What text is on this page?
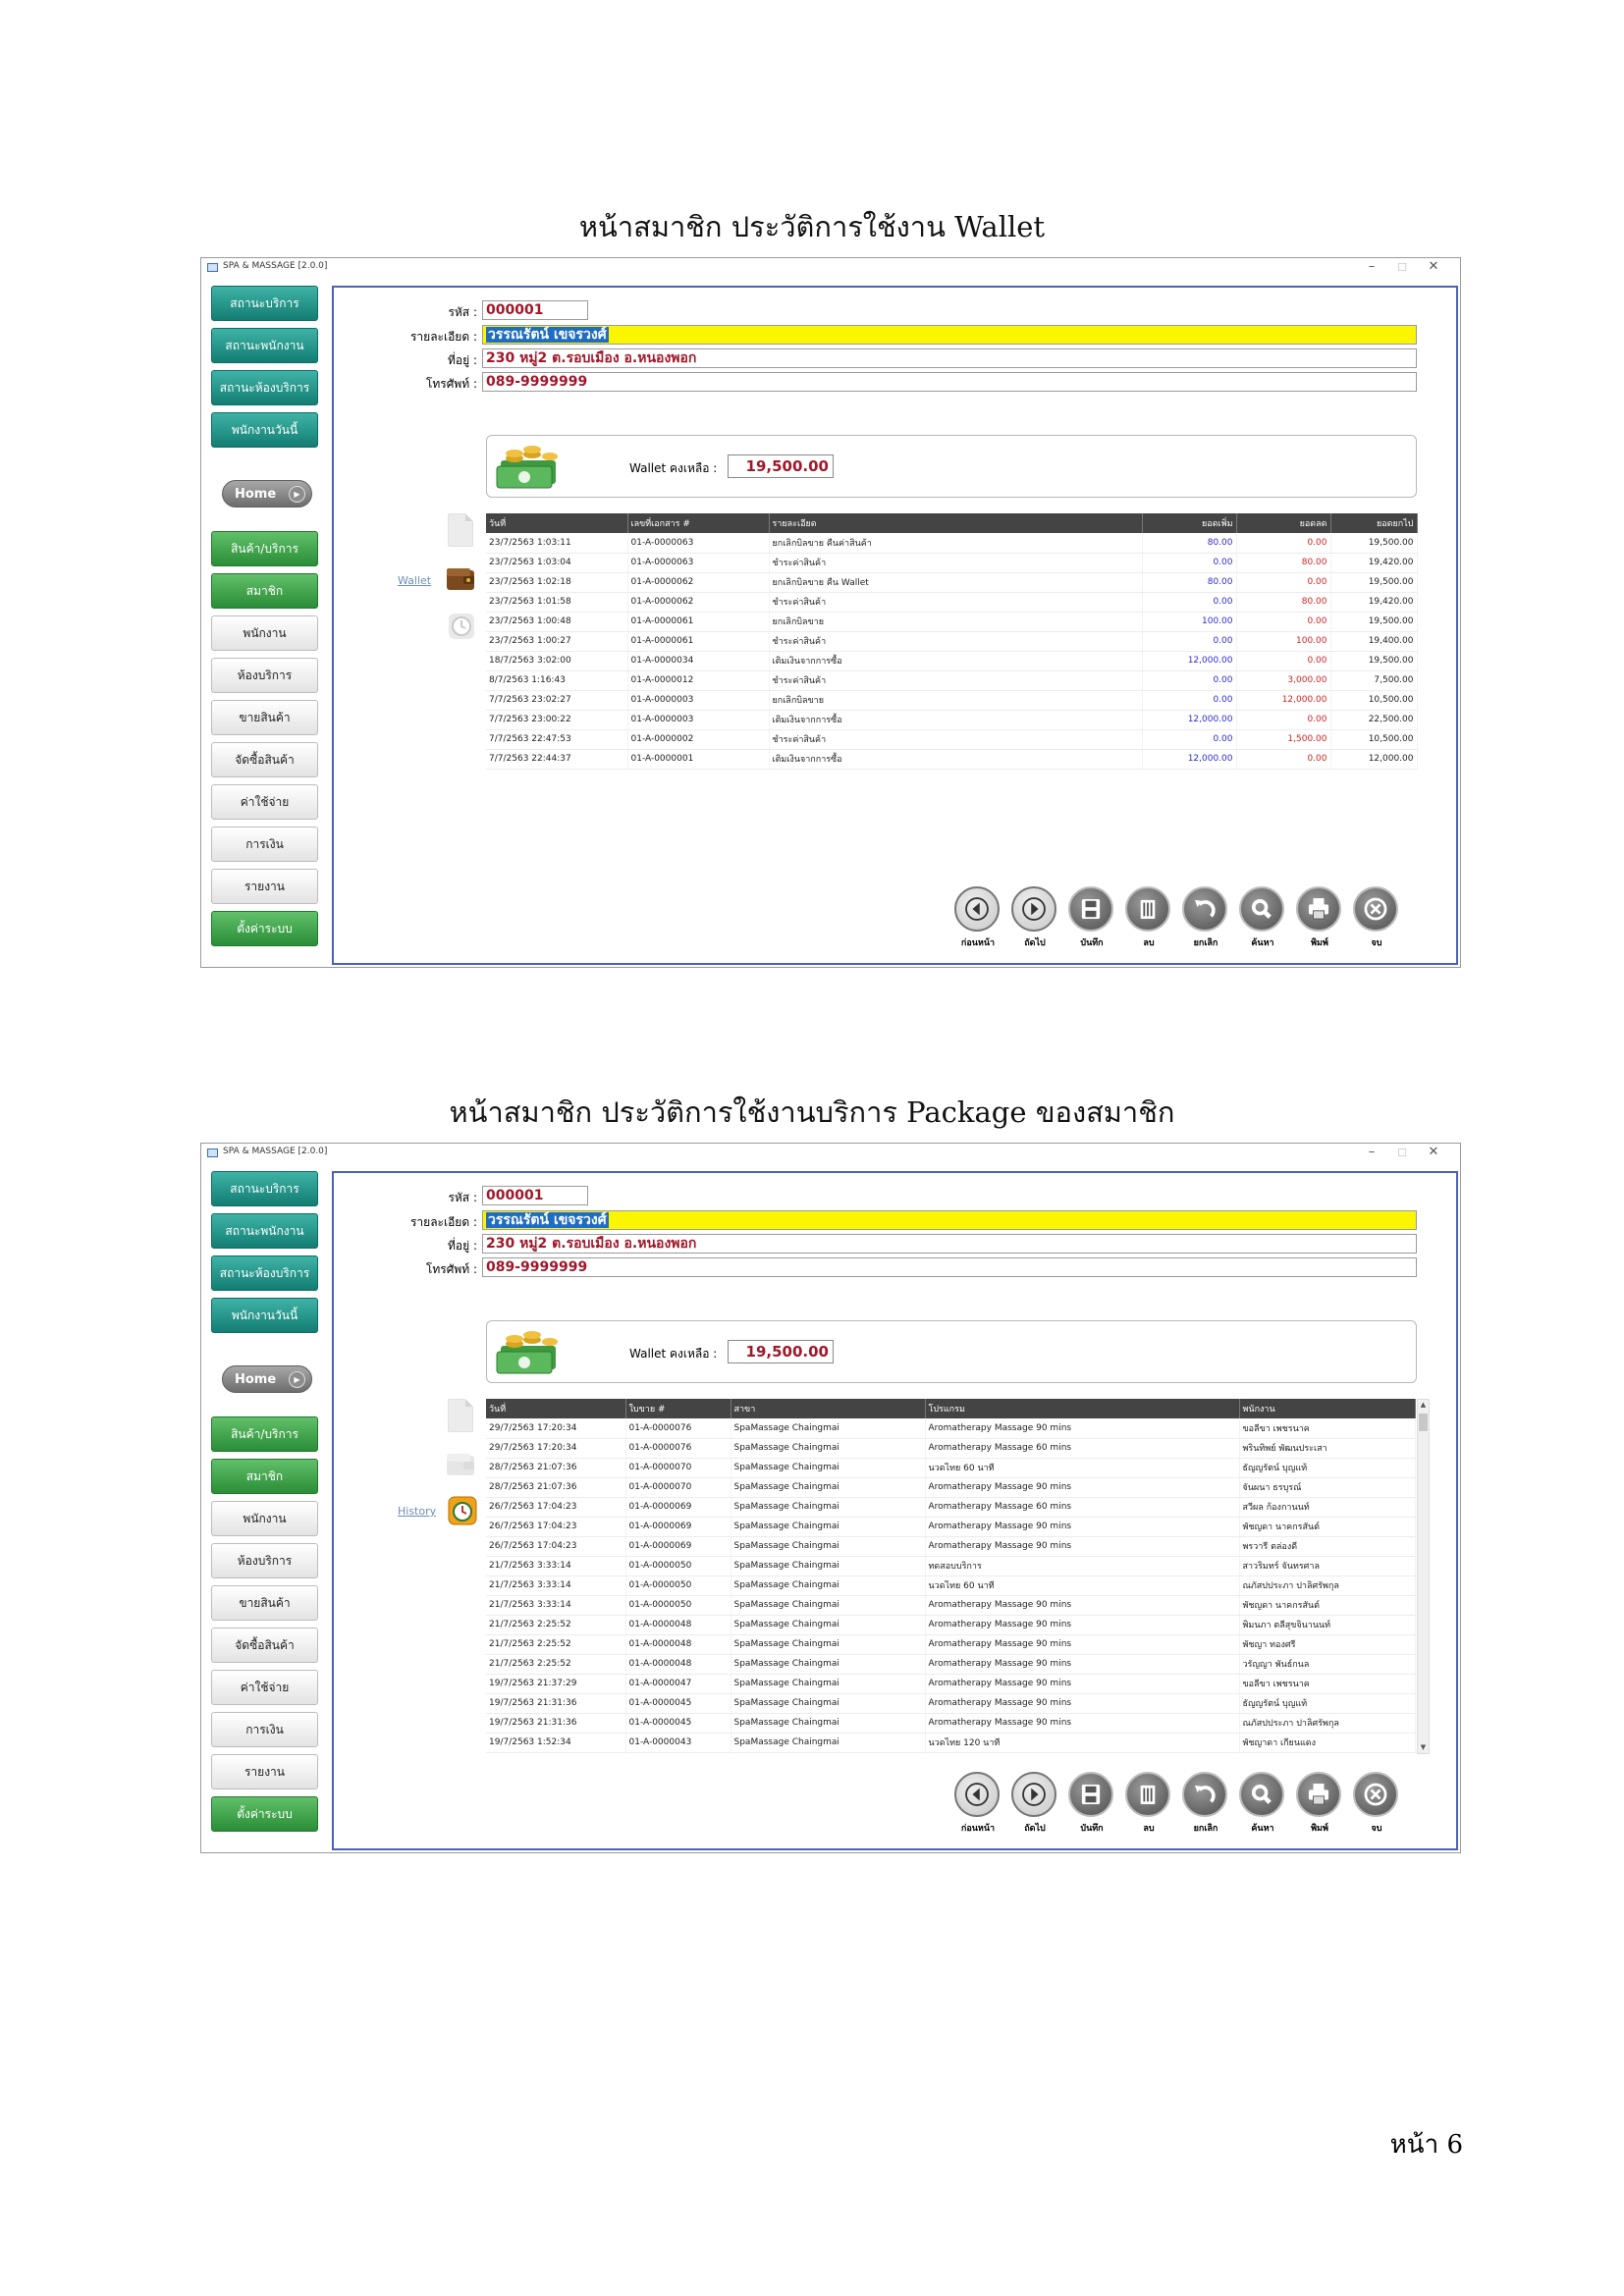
หน้าสมาชิก ประวัติการใช้งาน Wallet
หน้าสมาชิก ประวัติการใช้งานบริการ Package ของสมาชิก
หน้า 6
SPA & MASSAGE [2.0.0]	–	☐	✕
สถานะบริการ
สถานะพนักงาน
สถานะห้องบริการ
พนักงานวันนี้
Home	▶
สินค้า/บริการ
สมาชิก
พนักงาน
ห้องบริการ
ขายสินค้า
จัดซื้อสินค้า
ค่าใช้จ่าย
การเงิน
รายงาน
ตั้งค่าระบบ
รหัส : 000001
รายละเอียด : วรรณรัตน์ เขจรวงศ์
ที่อยู่ : 230 หมู่2 ต.รอบเมือง อ.หนองพอก
โทรศัพท์ : 089-9999999
Wallet คงเหลือ :	19,500.00
Wallet
วันที่	เลขที่เอกสาร #	รายละเอียด	ยอดเพิ่ม	ยอดลด	ยอดยกไป
23/7/2563 1:03:11	01-A-0000063	ยกเลิกบิลขาย คืนค่าสินค้า	80.00	0.00	19,500.00
23/7/2563 1:03:04	01-A-0000063	ชำระค่าสินค้า	0.00	80.00	19,420.00
23/7/2563 1:02:18	01-A-0000062	ยกเลิกบิลขาย คืน Wallet	80.00	0.00	19,500.00
23/7/2563 1:01:58	01-A-0000062	ชำระค่าสินค้า	0.00	80.00	19,420.00
23/7/2563 1:00:48	01-A-0000061	ยกเลิกบิลขาย	100.00	0.00	19,500.00
23/7/2563 1:00:27	01-A-0000061	ชำระค่าสินค้า	0.00	100.00	19,400.00
18/7/2563 3:02:00	01-A-0000034	เติมเงินจากการซื้อ	12,000.00	0.00	19,500.00
8/7/2563 1:16:43	01-A-0000012	ชำระค่าสินค้า	0.00	3,000.00	7,500.00
7/7/2563 23:02:27	01-A-0000003	ยกเลิกบิลขาย	0.00	12,000.00	10,500.00
7/7/2563 23:00:22	01-A-0000003	เติมเงินจากการซื้อ	12,000.00	0.00	22,500.00
7/7/2563 22:47:53	01-A-0000002	ชำระค่าสินค้า	0.00	1,500.00	10,500.00
7/7/2563 22:44:37	01-A-0000001	เติมเงินจากการซื้อ	12,000.00	0.00	12,000.00
ก่อนหน้า	ถัดไป	บันทึก	ลบ	ยกเลิก	ค้นหา	พิมพ์	จบ
SPA & MASSAGE [2.0.0]	–	☐	✕
สถานะบริการ
สถานะพนักงาน
สถานะห้องบริการ
พนักงานวันนี้
Home	▶
สินค้า/บริการ
สมาชิก
พนักงาน
ห้องบริการ
ขายสินค้า
จัดซื้อสินค้า
ค่าใช้จ่าย
การเงิน
รายงาน
ตั้งค่าระบบ
รหัส : 000001
รายละเอียด : วรรณรัตน์ เขจรวงศ์
ที่อยู่ : 230 หมู่2 ต.รอบเมือง อ.หนองพอก
โทรศัพท์ : 089-9999999
Wallet คงเหลือ :	19,500.00
History
วันที่	ใบขาย #	สาขา	โปรแกรม	พนักงาน
29/7/2563 17:20:34	01-A-0000076	SpaMassage Chaingmai	Aromatherapy Massage 90 mins	ขอลีขา เพชรนาค
29/7/2563 17:20:34	01-A-0000076	SpaMassage Chaingmai	Aromatherapy Massage 60 mins	พรินทิพย์ พัฒนประเสา
28/7/2563 21:07:36	01-A-0000070	SpaMassage Chaingmai	นวดไทย 60 นาที	ธัญญรัตน์ บุญแท้
28/7/2563 21:07:36	01-A-0000070	SpaMassage Chaingmai	Aromatherapy Massage 90 mins	จันผนา ธรบุรณ์
26/7/2563 17:04:23	01-A-0000069	SpaMassage Chaingmai	Aromatherapy Massage 60 mins	สวีผล ก้องกานนท์
26/7/2563 17:04:23	01-A-0000069	SpaMassage Chaingmai	Aromatherapy Massage 90 mins	พัชญดา นาคกรสันต์
26/7/2563 17:04:23	01-A-0000069	SpaMassage Chaingmai	Aromatherapy Massage 90 mins	พรวารี ตล่องดี
21/7/2563 3:33:14	01-A-0000050	SpaMassage Chaingmai	ทดสอบบริการ	สาวริมทร์ จันทรศาล
21/7/2563 3:33:14	01-A-0000050	SpaMassage Chaingmai	นวดไทย 60 นาที	ณภัสปประภา ปาลิศรัพกุล
21/7/2563 3:33:14	01-A-0000050	SpaMassage Chaingmai	Aromatherapy Massage 90 mins	พัชญดา นาคกรสันต์
21/7/2563 2:25:52	01-A-0000048	SpaMassage Chaingmai	Aromatherapy Massage 90 mins	พิมนภา ตลีสุขจินานนท์
21/7/2563 2:25:52	01-A-0000048	SpaMassage Chaingmai	Aromatherapy Massage 90 mins	พัชญา ทองศรี
21/7/2563 2:25:52	01-A-0000048	SpaMassage Chaingmai	Aromatherapy Massage 90 mins	วรัญญา พันธ์กนล
19/7/2563 21:37:29	01-A-0000047	SpaMassage Chaingmai	Aromatherapy Massage 90 mins	ขอลีขา เพชรนาค
19/7/2563 21:31:36	01-A-0000045	SpaMassage Chaingmai	Aromatherapy Massage 90 mins	ธัญญรัตน์ บุญแท้
19/7/2563 21:31:36	01-A-0000045	SpaMassage Chaingmai	Aromatherapy Massage 90 mins	ณภัสปประภา ปาลิศรัพกุล
19/7/2563 1:52:34	01-A-0000043	SpaMassage Chaingmai	นวดไทย 120 นาที	พัชญาดา เกียนแดง
▲
▼
ก่อนหน้า	ถัดไป	บันทึก	ลบ	ยกเลิก	ค้นหา	พิมพ์	จบ
